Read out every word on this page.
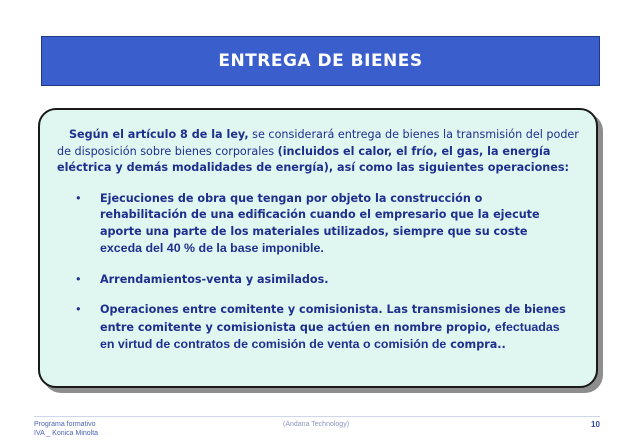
ENTREGA DE BIENES

Según el artículo 8 de la ley, se considerará entrega de bienes la transmisión del poder de disposición sobre bienes corporales (incluidos el calor, el frío, el gas, la energía eléctrica y demás modalidades de energía), así como las siguientes operaciones:

• Ejecuciones de obra que tengan por objeto la construcción o rehabilitación de una edificación cuando el empresario que la ejecute aporte una parte de los materiales utilizados, siempre que su coste exceda del 40 % de la base imponible.
• Arrendamientos-venta y asimilados.
• Operaciones entre comitente y comisionista. Las transmisiones de bienes entre comitente y comisionista que actúen en nombre propio, efectuadas en virtud de contratos de comisión de venta o comisión de compra..
Programa formativo
IVA _ Konica Minolta
(Andana Technology)	10
